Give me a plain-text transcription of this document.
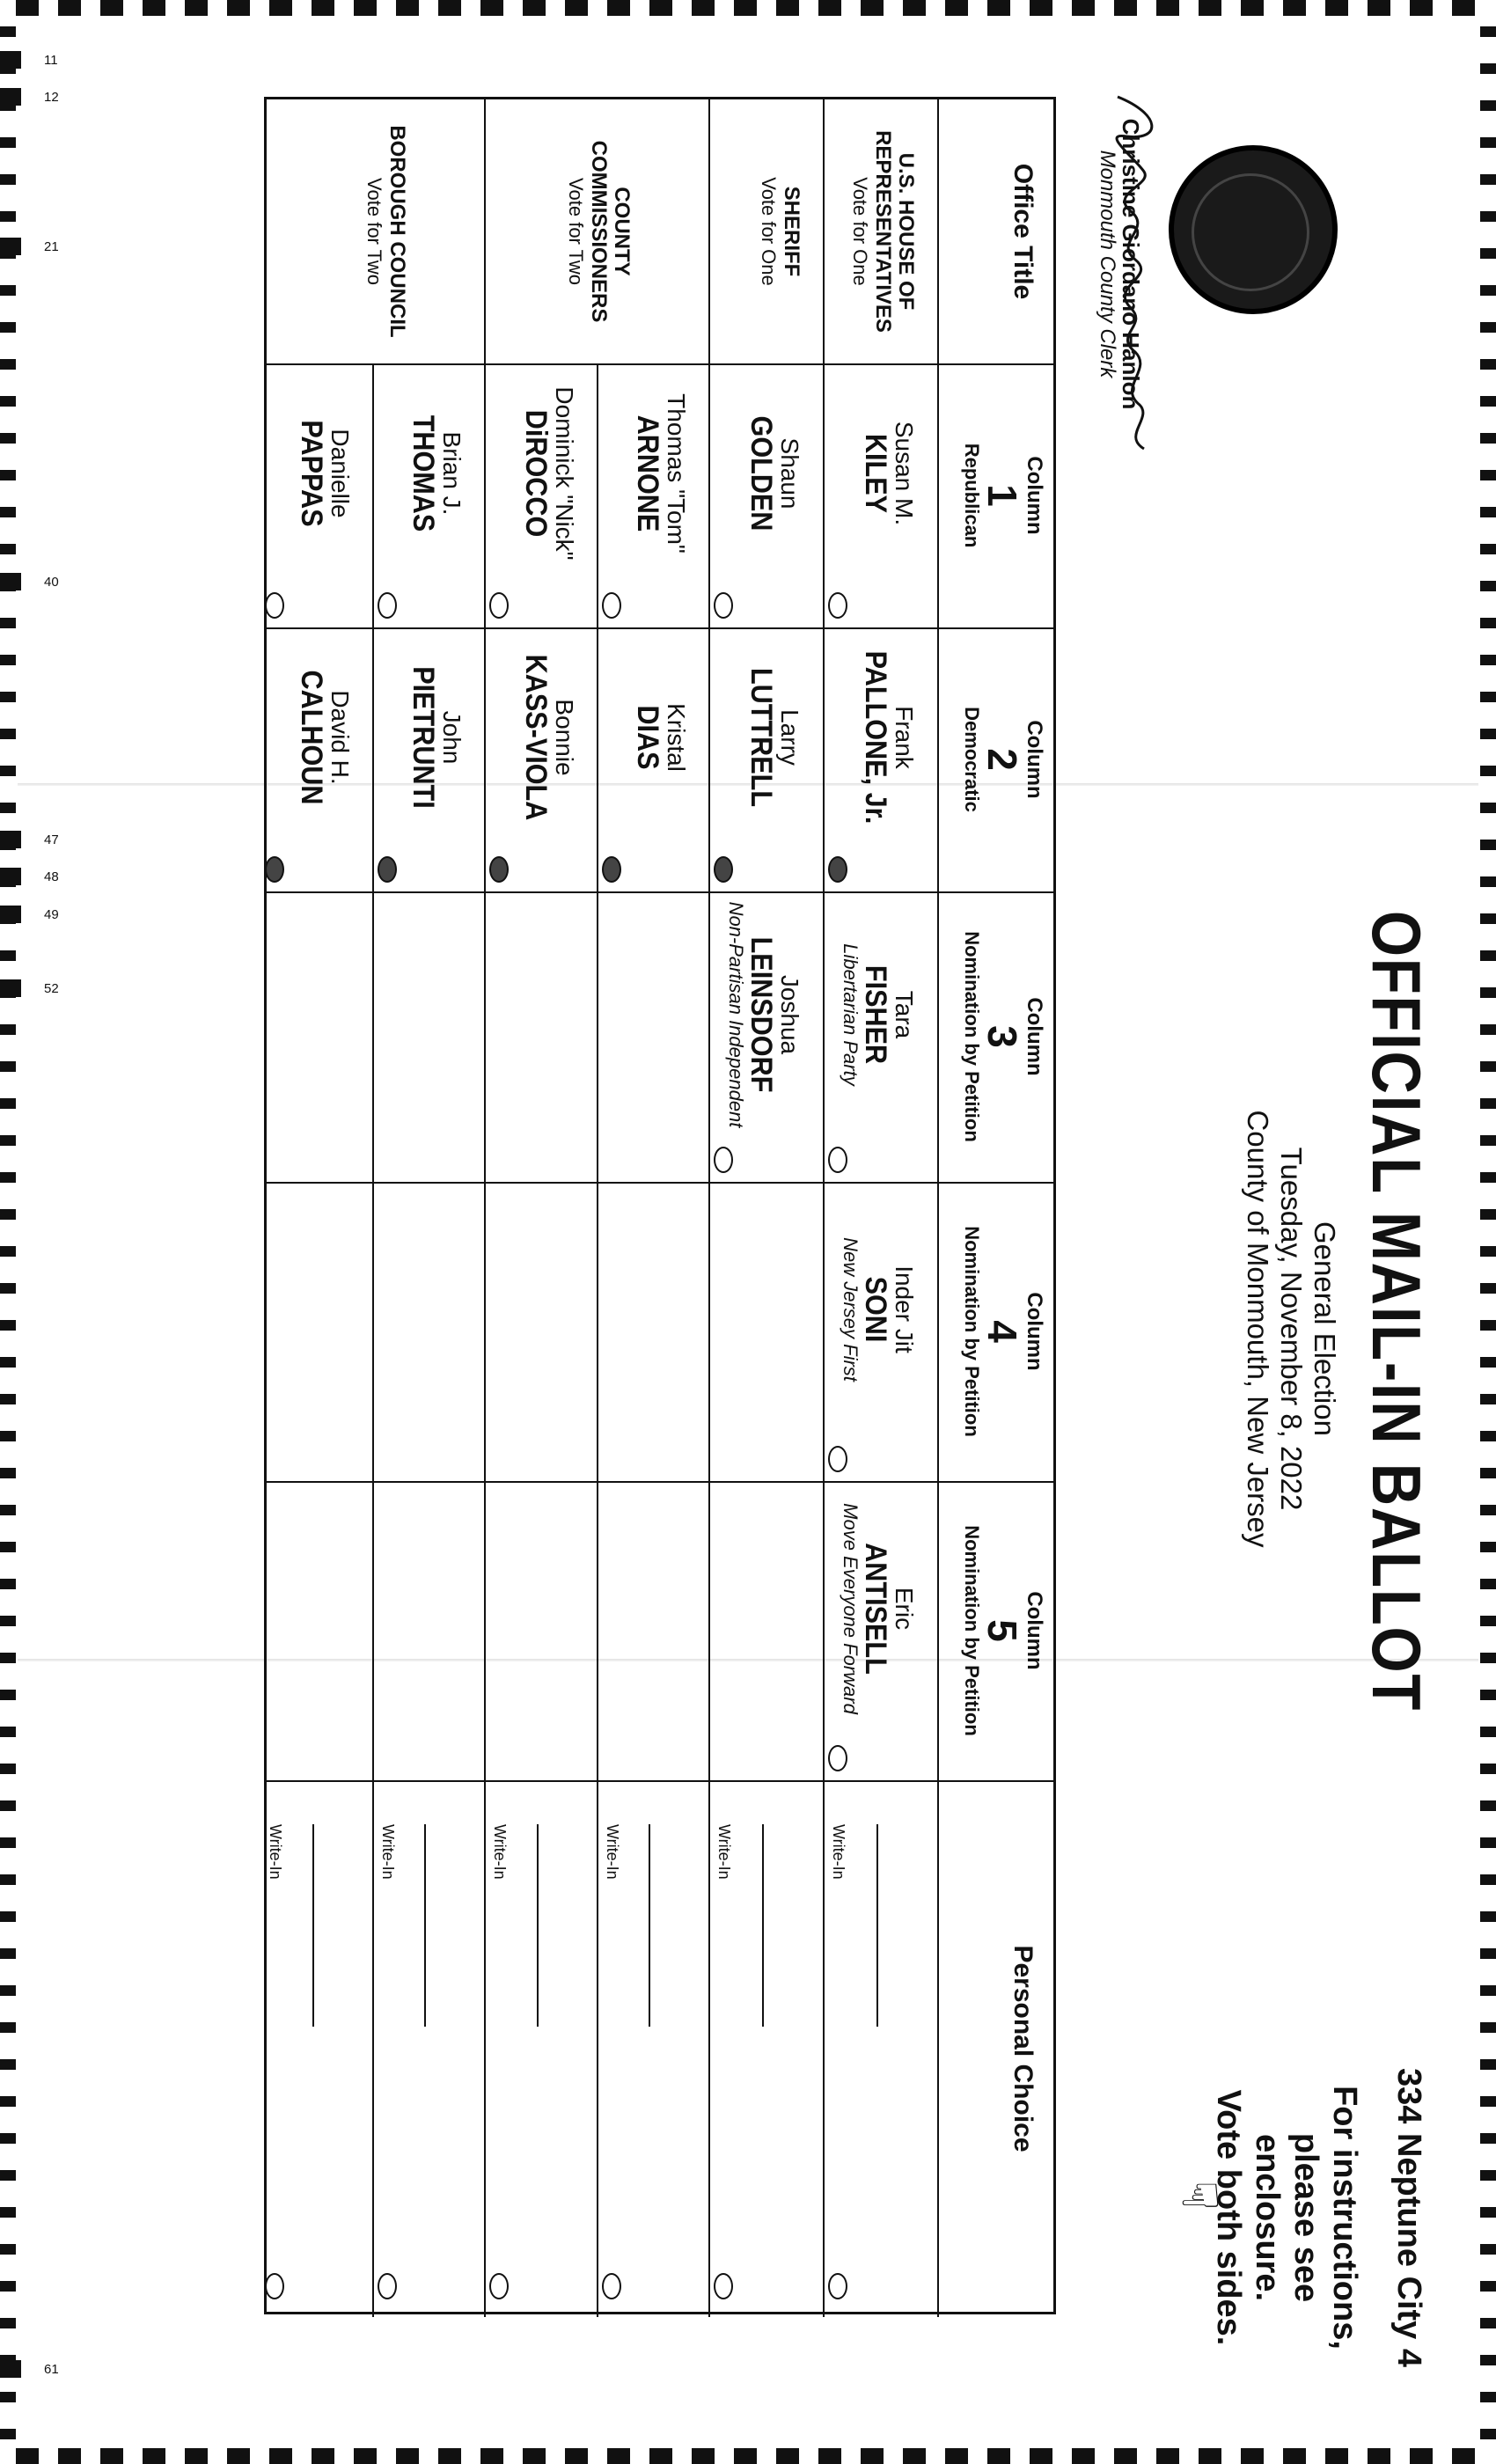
11
12
21
40
47
48
49
52
61
OFFICIAL MAIL-IN BALLOT
General Election
Tuesday, November 8, 2022
County of Monmouth, New Jersey
334 Neptune City 4
For instructions,
please see enclosure.
Vote both sides.
☞
Christine Giordano Hanlon
Monmouth County Clerk
Office Title
Column
1
Republican
Column
2
Democratic
Column
3
Nomination by Petition
Column
4
Nomination by Petition
Column
5
Nomination by Petition
Personal Choice
U.S. HOUSE OF
REPRESENTATIVES
Vote for One
SHERIFF
Vote for One
COUNTY
COMMISSIONERS
Vote for Two
BOROUGH COUNCIL
Vote for Two
Susan M.
KILEY
Frank
PALLONE, Jr.
Tara
FISHER
Libertarian Party
Inder Jit
SONI
New Jersey First
Eric
ANTISELL
Move Everyone Forward
Shaun
GOLDEN
Larry
LUTTRELL
Joshua
LEINSDORF
Non-Partisan Independent
Thomas "Tom"
ARNONE
Kristal
DIAS
Dominick "Nick"
DiROCCO
Bonnie
KASS-VIOLA
Brian J.
THOMAS
John
PIETRUNTI
Danielle
PAPPAS
David H.
CALHOUN
Write-In
Write-In
Write-In
Write-In
Write-In
Write-In
